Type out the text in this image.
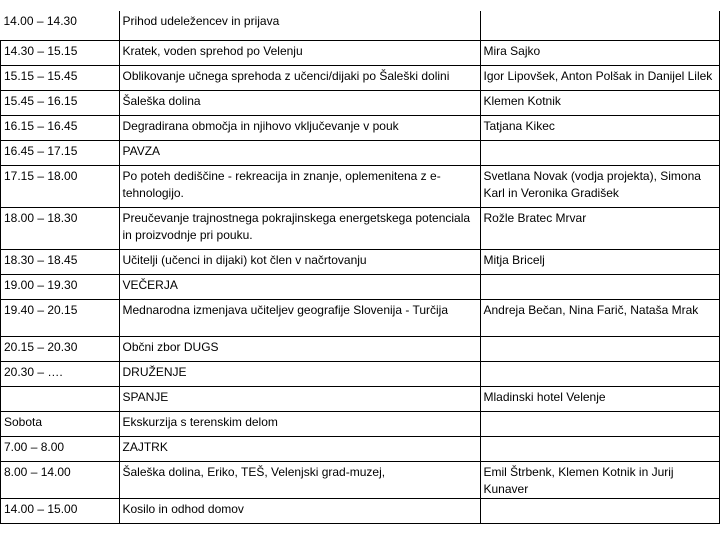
14.00 – 14.30	Prihod udeležencev in prijava	
14.30 – 15.15	Kratek, voden sprehod po Velenju	Mira Sajko
15.15 – 15.45	Oblikovanje učnega sprehoda z učenci/dijaki po Šaleški dolini	Igor Lipovšek, Anton Polšak in Danijel Lilek
15.45 – 16.15	Šaleška dolina	Klemen Kotnik
16.15 – 16.45	Degradirana območja in njihovo vključevanje v pouk	Tatjana Kikec
16.45 – 17.15	PAVZA	
17.15 – 18.00	Po poteh dediščine - rekreacija in znanje, oplemenitena z e-tehnologijo.	Svetlana Novak (vodja projekta), Simona Karl in Veronika Gradišek
18.00 – 18.30	Preučevanje trajnostnega pokrajinskega energetskega potenciala in proizvodnje pri pouku.	Rožle Bratec Mrvar
18.30 – 18.45	Učitelji (učenci in dijaki) kot člen v načrtovanju	Mitja Bricelj
19.00 – 19.30	VEČERJA	
19.40 – 20.15	Mednarodna izmenjava učiteljev geografije Slovenija - Turčija	Andreja Bečan, Nina Farič, Nataša Mrak
20.15 – 20.30	Občni zbor DUGS	
20.30 – ….	DRUŽENJE	
	SPANJE	Mladinski hotel Velenje
Sobota	Ekskurzija s terenskim delom	
7.00 – 8.00	ZAJTRK	
8.00 – 14.00	Šaleška dolina, Eriko, TEŠ, Velenjski grad-muzej,	Emil Štrbenk, Klemen Kotnik in Jurij Kunaver
14.00 – 15.00	Kosilo in odhod domov	
